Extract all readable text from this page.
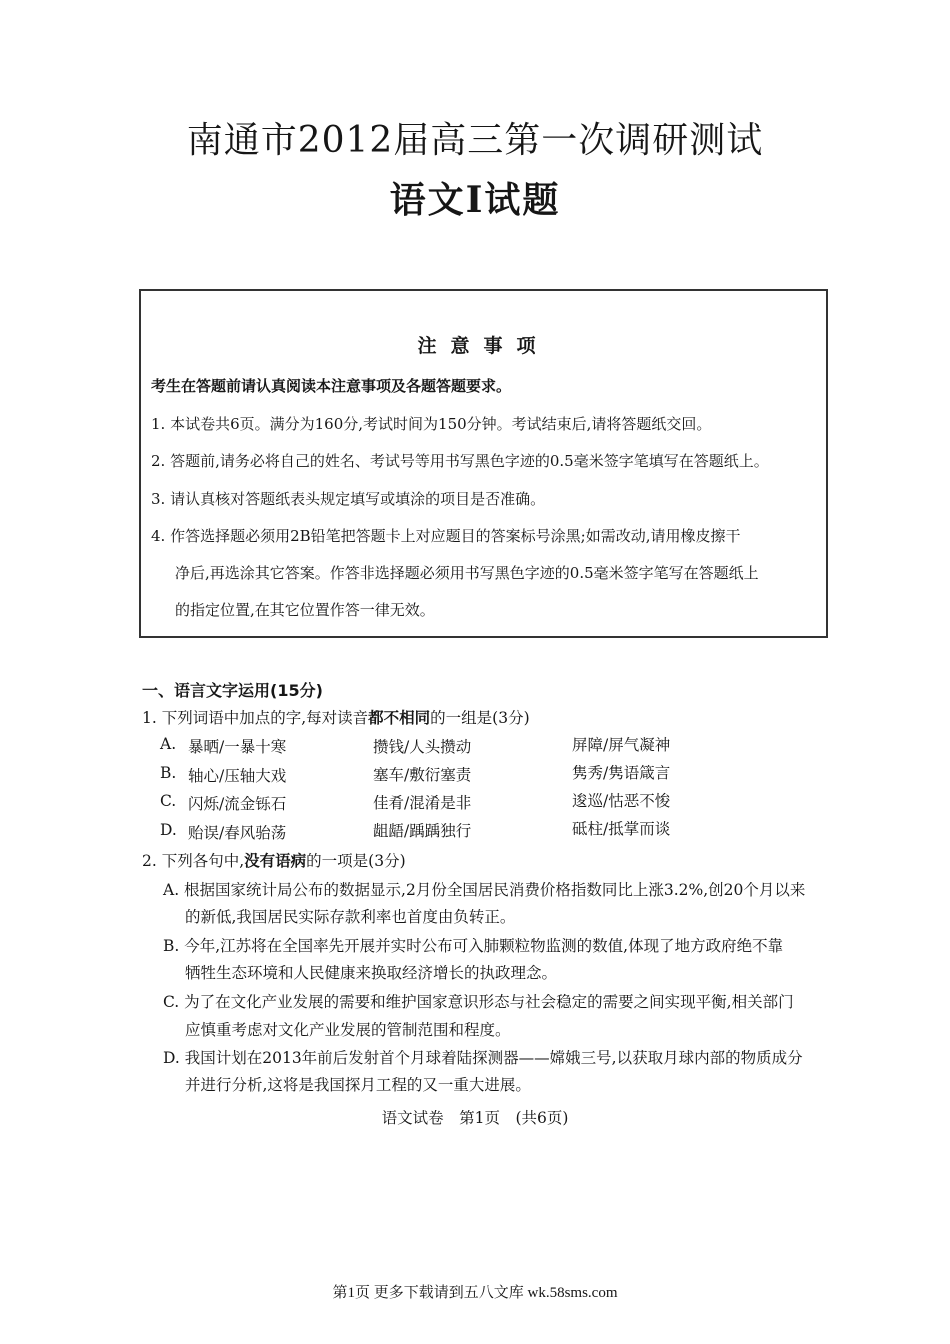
南通市2012届高三第一次调研测试
语文Ⅰ试题
注意事项
考生在答题前请认真阅读本注意事项及各题答题要求。
1. 本试卷共6页。满分为160分,考试时间为150分钟。考试结束后,请将答题纸交回。
2. 答题前,请务必将自己的姓名、考试号等用书写黑色字迹的0.5毫米签字笔填写在答题纸上。
3. 请认真核对答题纸表头规定填写或填涂的项目是否准确。
4. 作答选择题必须用2B铅笔把答题卡上对应题目的答案标号涂黑;如需改动,请用橡皮擦干
净后,再选涂其它答案。作答非选择题必须用书写黑色字迹的0.5毫米签字笔写在答题纸上
的指定位置,在其它位置作答一律无效。
一、语言文字运用(15分)
1. 下列词语中加点的字,每对读音都不相同的一组是(3分)
A. 暴晒/一暴十寒	攒钱/人头攒动	屏障/屏气凝神
B. 轴心/压轴大戏	塞车/敷衍塞责	隽秀/隽语箴言
C. 闪烁/流金铄石	佳肴/混淆是非	逡巡/怙恶不悛
D. 贻误/春风骀荡	龃龉/踽踽独行	砥柱/抵掌而谈
2. 下列各句中,没有语病的一项是(3分)
A. 根据国家统计局公布的数据显示,2月份全国居民消费价格指数同比上涨3.2%,创20个月以来
的新低,我国居民实际存款利率也首度由负转正。
B. 今年,江苏将在全国率先开展并实时公布可入肺颗粒物监测的数值,体现了地方政府绝不靠
牺牲生态环境和人民健康来换取经济增长的执政理念。
C. 为了在文化产业发展的需要和维护国家意识形态与社会稳定的需要之间实现平衡,相关部门
应慎重考虑对文化产业发展的管制范围和程度。
D. 我国计划在2013年前后发射首个月球着陆探测器——嫦娥三号,以获取月球内部的物质成分
并进行分析,这将是我国探月工程的又一重大进展。
语文试卷　第1页　(共6页)
第1页 更多下载请到五八文库 wk.58sms.com
